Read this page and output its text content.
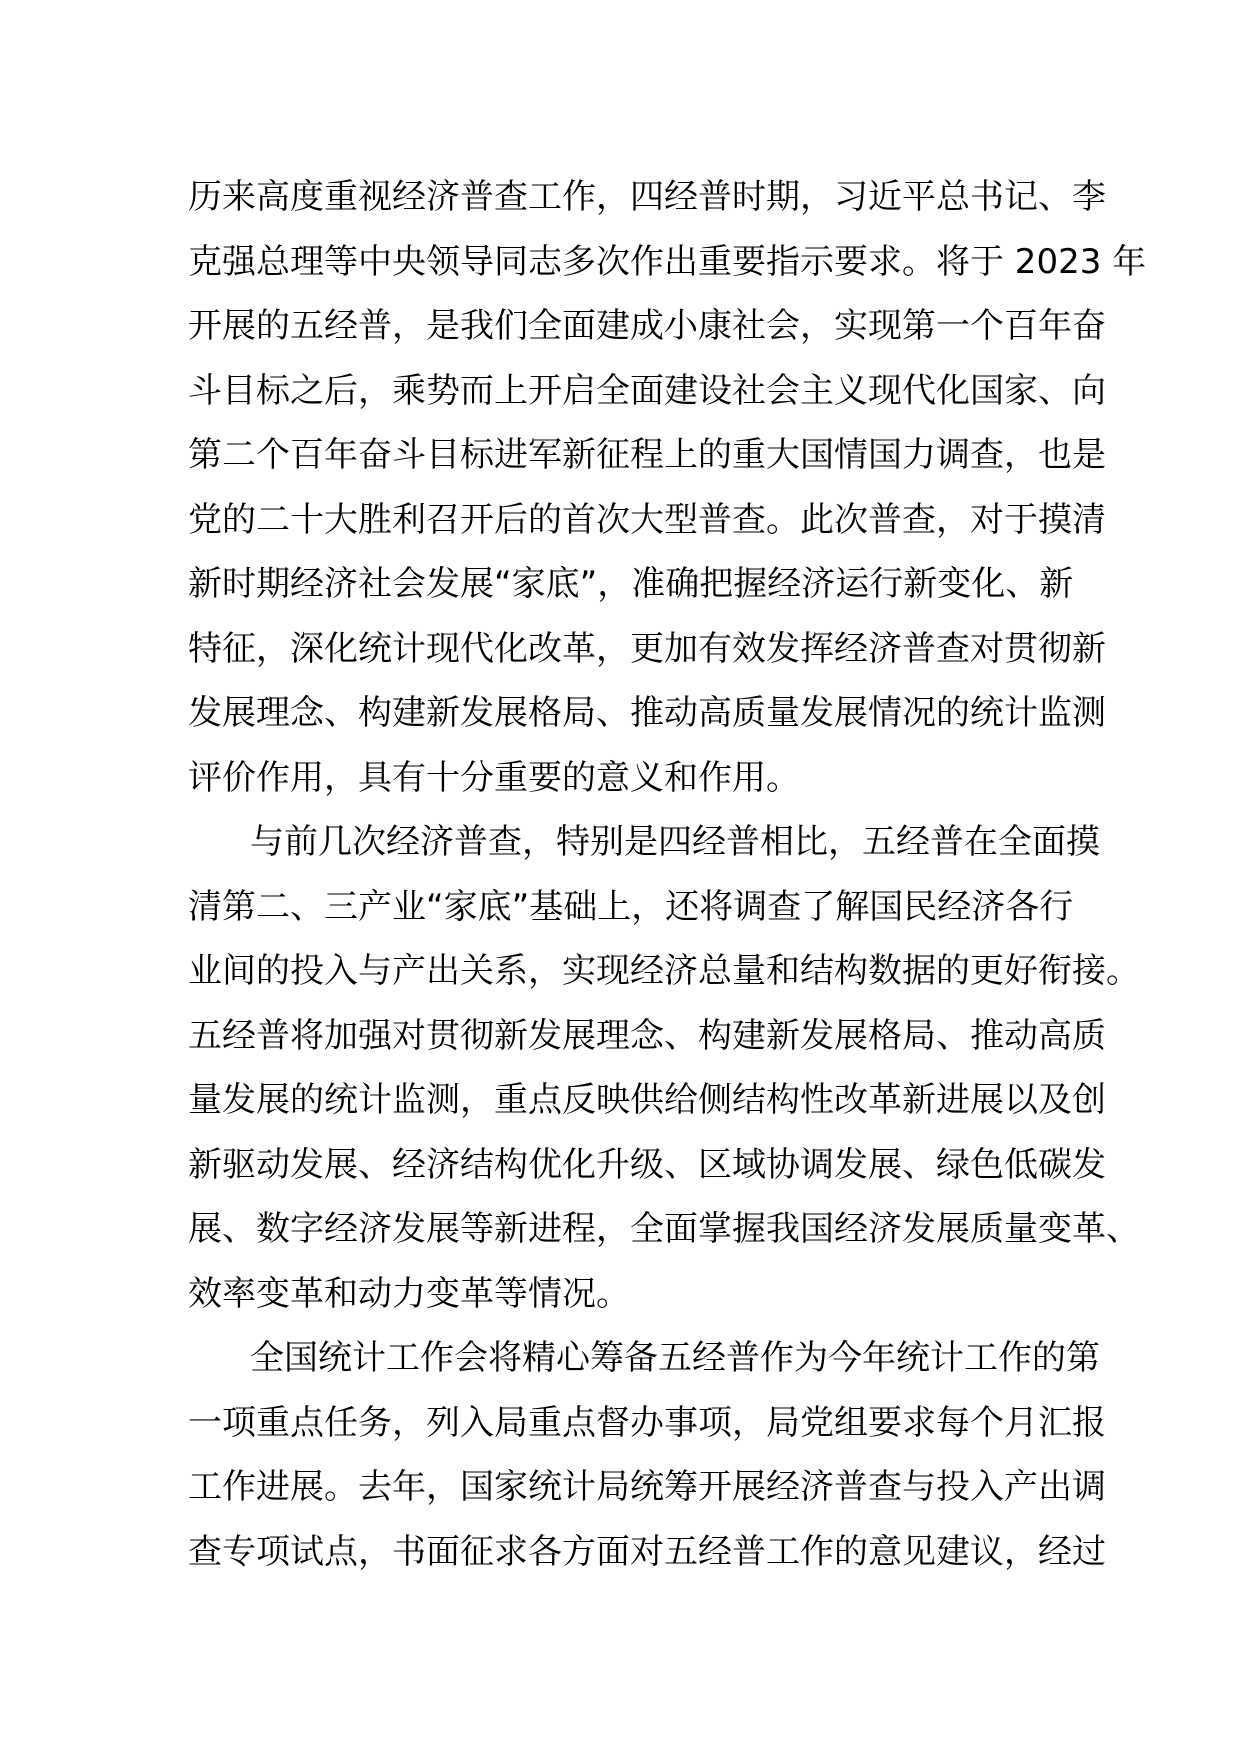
历来高度重视经济普查工作，四经普时期，习近平总书记、李
克强总理等中央领导同志多次作出重要指示要求。将于 2023 年
开展的五经普，是我们全面建成小康社会，实现第一个百年奋
斗目标之后，乘势而上开启全面建设社会主义现代化国家、向
第二个百年奋斗目标进军新征程上的重大国情国力调查，也是
党的二十大胜利召开后的首次大型普查。此次普查，对于摸清
新时期经济社会发展“家底”，准确把握经济运行新变化、新
特征，深化统计现代化改革，更加有效发挥经济普查对贯彻新
发展理念、构建新发展格局、推动高质量发展情况的统计监测
评价作用，具有十分重要的意义和作用。
与前几次经济普查，特别是四经普相比，五经普在全面摸
清第二、三产业“家底”基础上，还将调查了解国民经济各行
业间的投入与产出关系，实现经济总量和结构数据的更好衔接。
五经普将加强对贯彻新发展理念、构建新发展格局、推动高质
量发展的统计监测，重点反映供给侧结构性改革新进展以及创
新驱动发展、经济结构优化升级、区域协调发展、绿色低碳发
展、数字经济发展等新进程，全面掌握我国经济发展质量变革、
效率变革和动力变革等情况。
全国统计工作会将精心筹备五经普作为今年统计工作的第
一项重点任务，列入局重点督办事项，局党组要求每个月汇报
工作进展。去年，国家统计局统筹开展经济普查与投入产出调
查专项试点，书面征求各方面对五经普工作的意见建议，经过
